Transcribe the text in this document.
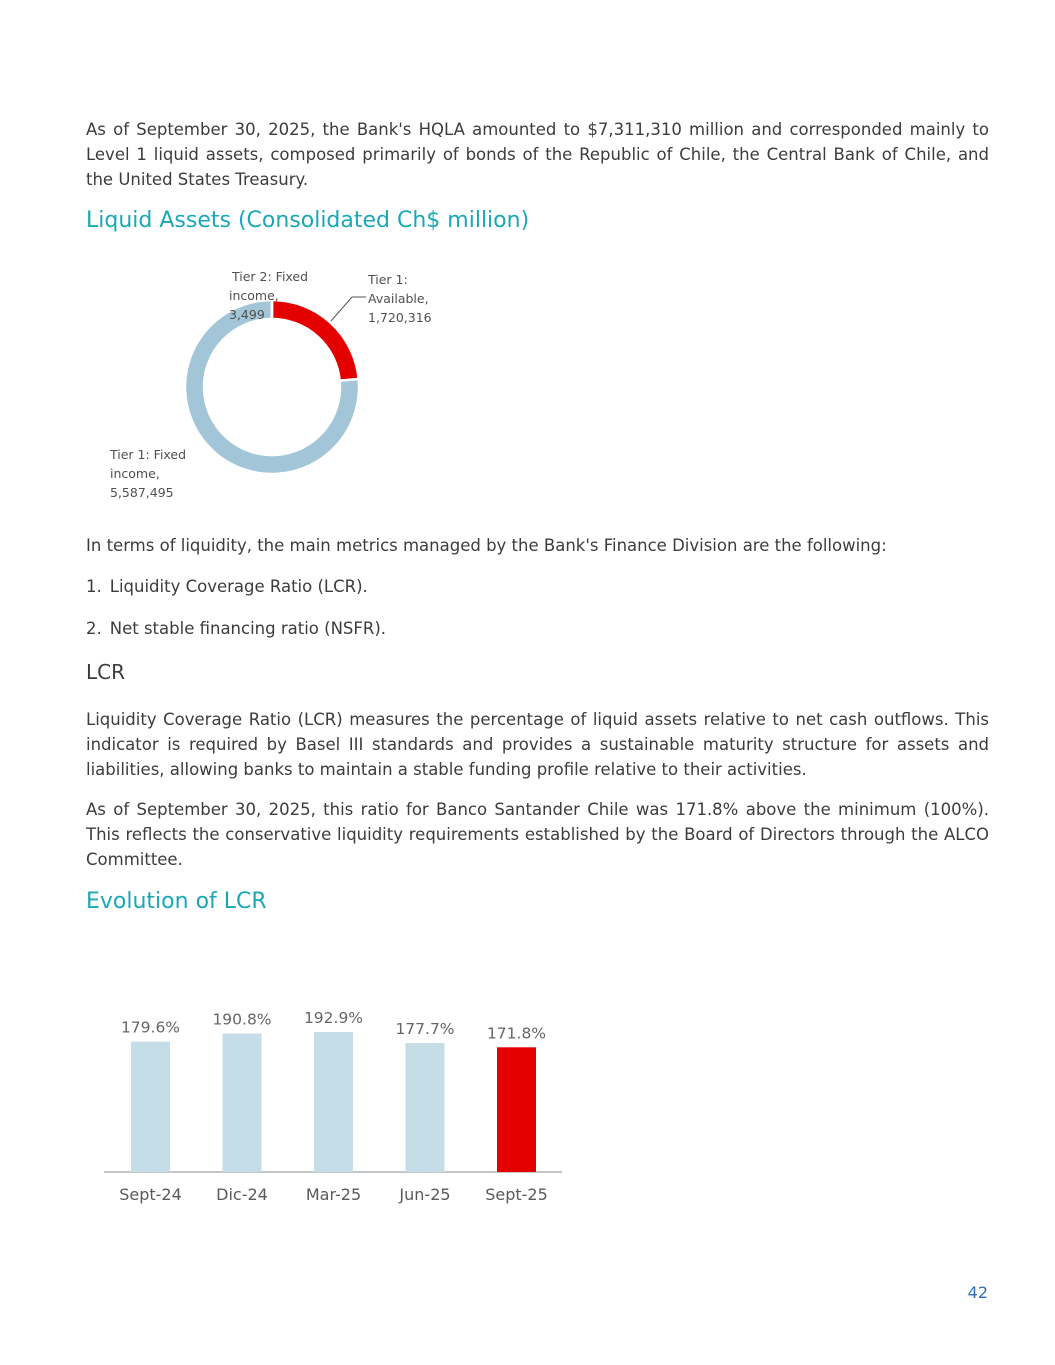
As of September 30, 2025, the Bank's HQLA amounted to $7,311,310 million and corresponded mainly to Level 1 liquid assets, composed primarily of bonds of the Republic of Chile, the Central Bank of Chile, and the United States Treasury.

Liquid Assets (Consolidated Ch$ million)
Tier 1: Available, 1,720,316
Tier 1: Fixed income, 5,587,495
Tier 2: Fixed income, 3,499

In terms of liquidity, the main metrics managed by the Bank's Finance Division are the following:

1. Liquidity Coverage Ratio (LCR).
2. Net stable financing ratio (NSFR).
LCR

Liquidity Coverage Ratio (LCR) measures the percentage of liquid assets relative to net cash outflows. This indicator is required by Basel III standards and provides a sustainable maturity structure for assets and liabilities, allowing banks to maintain a stable funding profile relative to their activities.

As of September 30, 2025, this ratio for Banco Santander Chile was 171.8% above the minimum (100%). This reflects the conservative liquidity requirements established by the Board of Directors through the ALCO Committee.

Evolution of LCR
179.6%
Sept-24
190.8%
Dic-24
192.9%
Mar-25
177.7%
Jun-25
171.8%
Sept-25
42
